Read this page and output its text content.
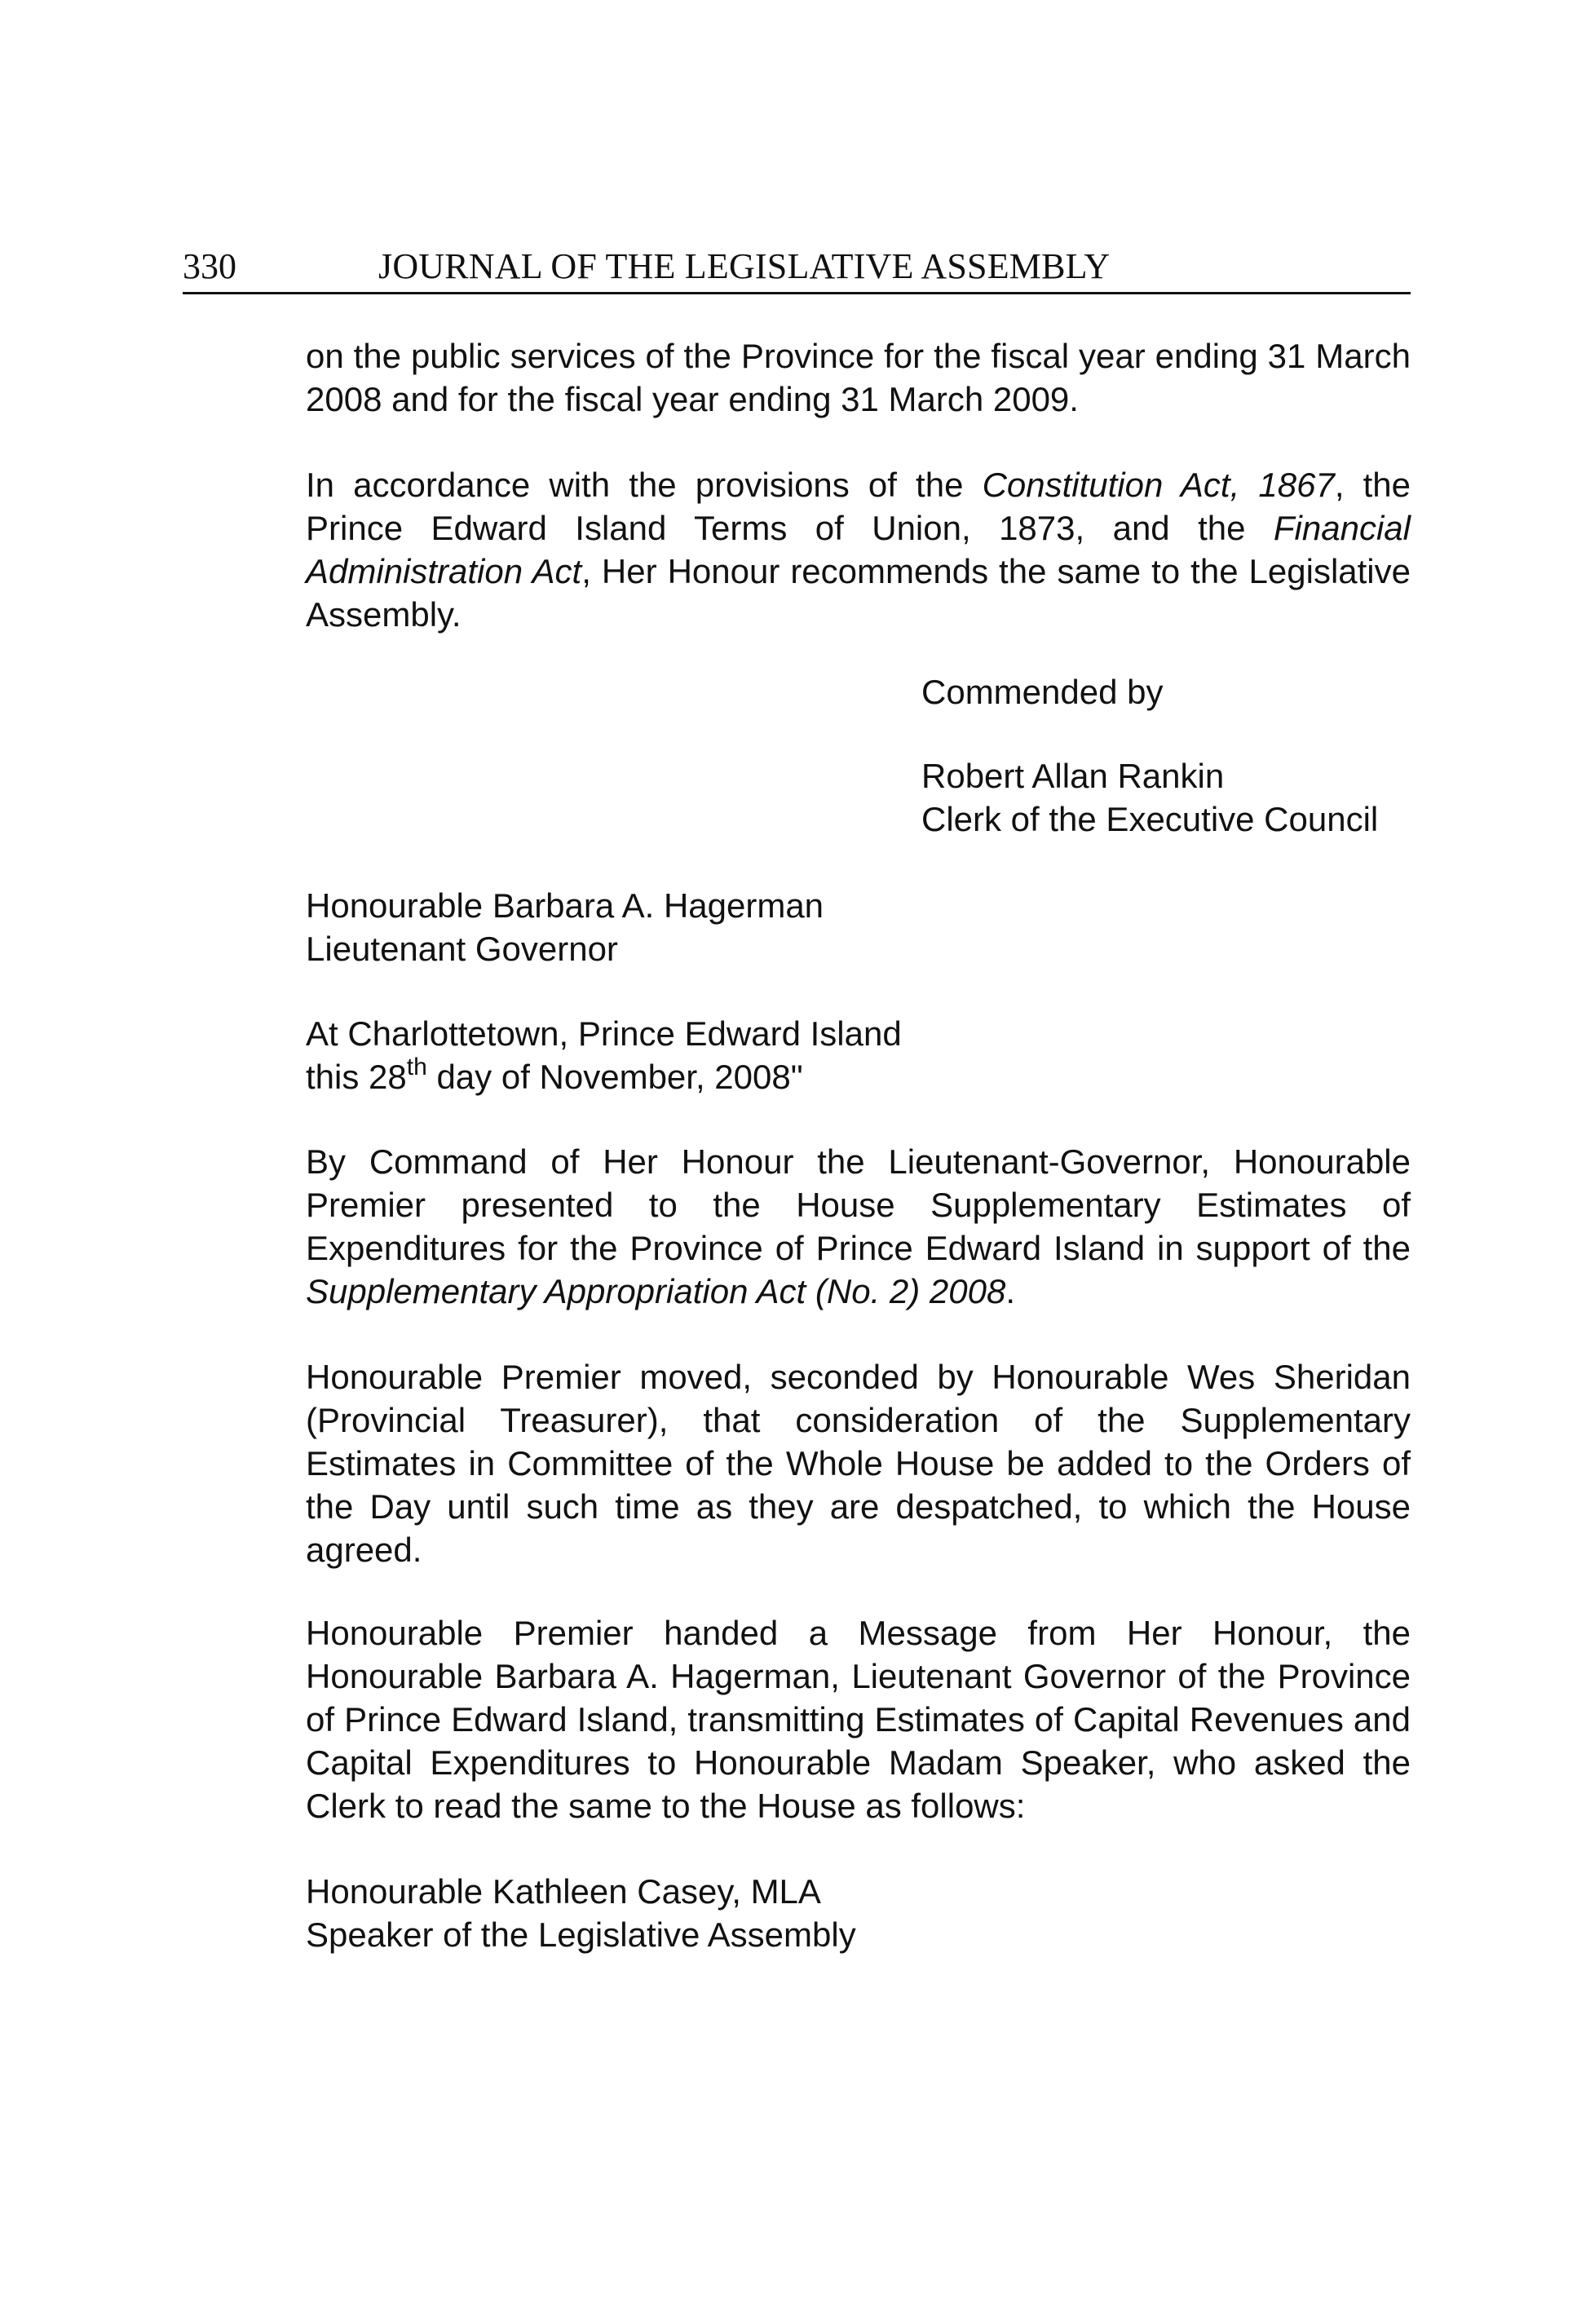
330	JOURNAL OF THE LEGISLATIVE ASSEMBLY

on the public services of the Province for the fiscal year ending 31 March 2008 and for the fiscal year ending 31 March 2009.

In accordance with the provisions of the Constitution Act, 1867, the Prince Edward Island Terms of Union, 1873, and the Financial Administration Act, Her Honour recommends the same to the Legislative Assembly.

Commended by

Robert Allan Rankin
Clerk of the Executive Council
Honourable Barbara A. Hagerman
Lieutenant Governor
At Charlottetown, Prince Edward Island
this 28th day of November, 2008"

By Command of Her Honour the Lieutenant-Governor, Honourable Premier presented to the House Supplementary Estimates of Expenditures for the Province of Prince Edward Island in support of the Supplementary Appropriation Act (No. 2) 2008.

Honourable Premier moved, seconded by Honourable Wes Sheridan (Provincial Treasurer), that consideration of the Supplementary Estimates in Committee of the Whole House be added to the Orders of the Day until such time as they are despatched, to which the House agreed.

Honourable Premier handed a Message from Her Honour, the Honourable Barbara A. Hagerman, Lieutenant Governor of the Province of Prince Edward Island, transmitting Estimates of Capital Revenues and Capital Expenditures to Honourable Madam Speaker, who asked the Clerk to read the same to the House as follows:

Honourable Kathleen Casey, MLA
Speaker of the Legislative Assembly
